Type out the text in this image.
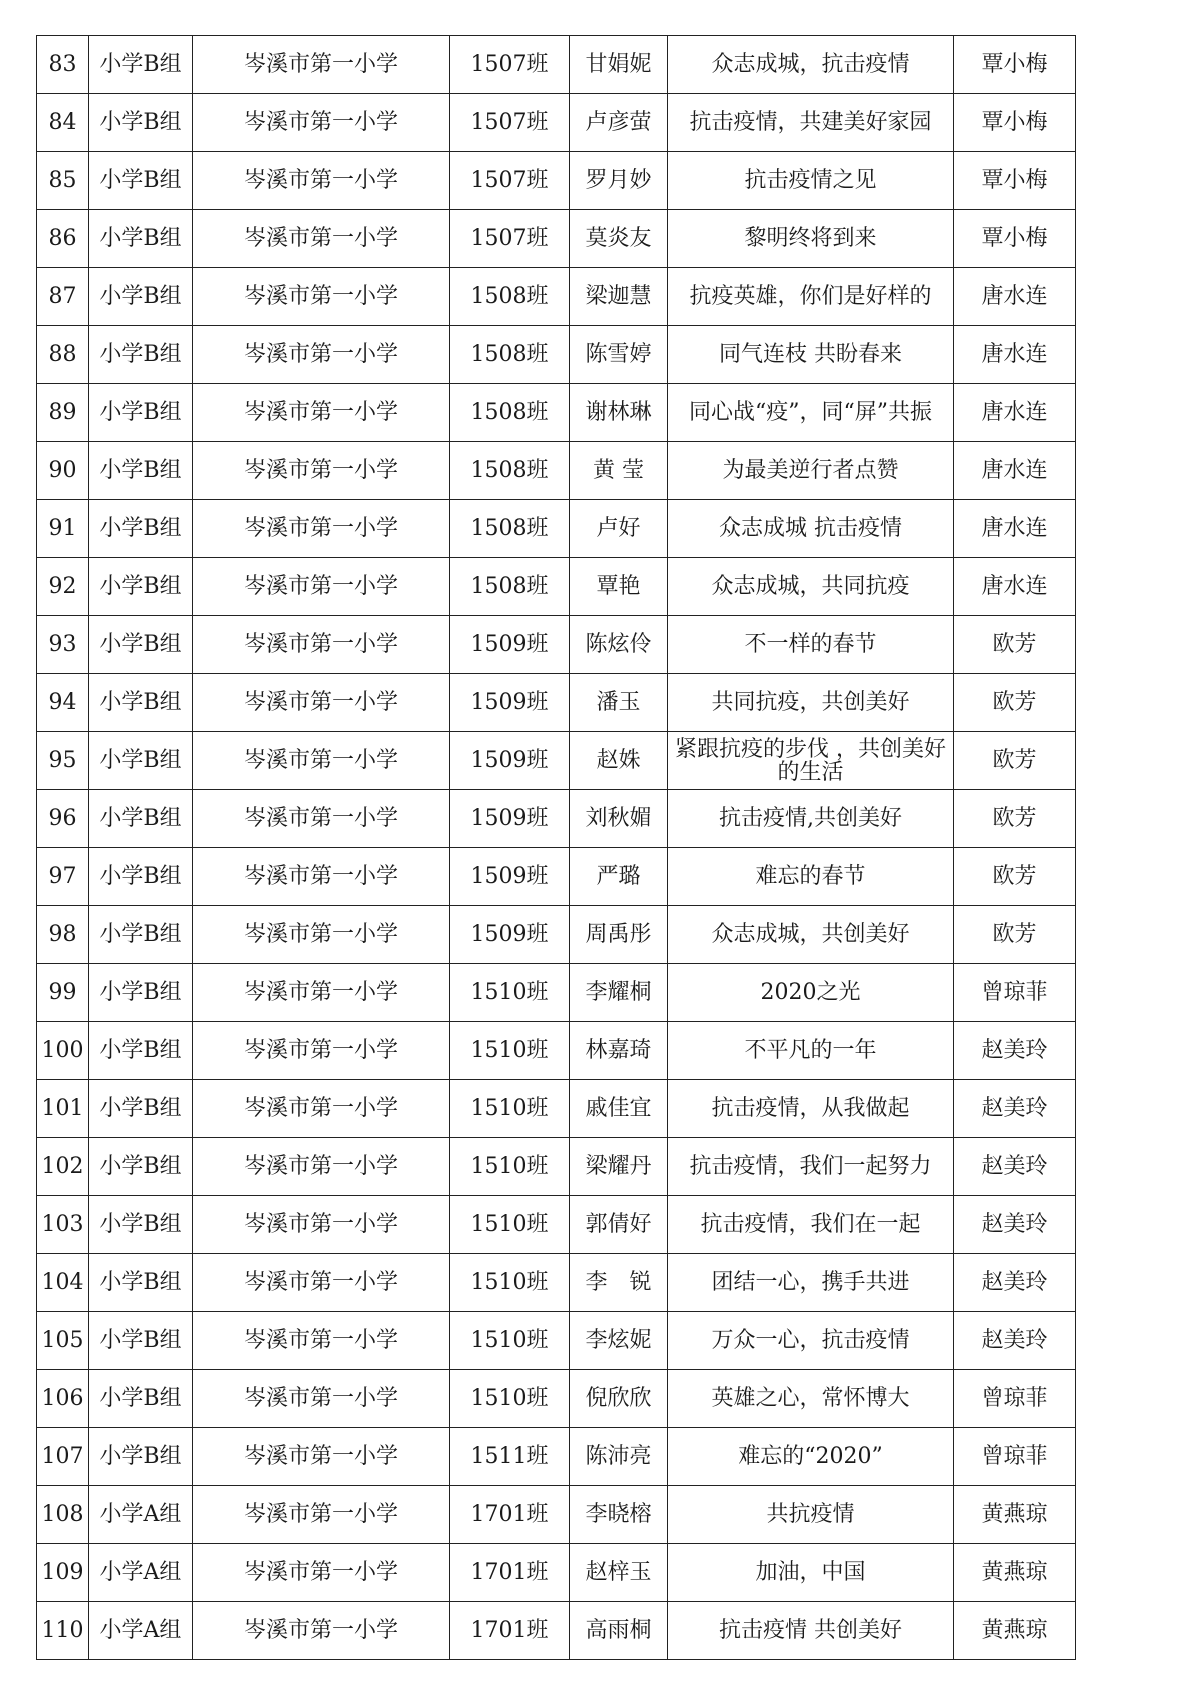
83	小学B组	岑溪市第一小学	1507班	甘娟妮	众志成城，抗击疫情	覃小梅
84	小学B组	岑溪市第一小学	1507班	卢彦萤	抗击疫情，共建美好家园	覃小梅
85	小学B组	岑溪市第一小学	1507班	罗月妙	抗击疫情之见	覃小梅
86	小学B组	岑溪市第一小学	1507班	莫炎友	黎明终将到来	覃小梅
87	小学B组	岑溪市第一小学	1508班	梁迦慧	抗疫英雄，你们是好样的	唐水连
88	小学B组	岑溪市第一小学	1508班	陈雪婷	同气连枝 共盼春来	唐水连
89	小学B组	岑溪市第一小学	1508班	谢林琳	同心战“疫”，同“屏”共振	唐水连
90	小学B组	岑溪市第一小学	1508班	黄 莹	为最美逆行者点赞	唐水连
91	小学B组	岑溪市第一小学	1508班	卢好	众志成城 抗击疫情	唐水连
92	小学B组	岑溪市第一小学	1508班	覃艳	众志成城，共同抗疫	唐水连
93	小学B组	岑溪市第一小学	1509班	陈炫伶	不一样的春节	欧芳
94	小学B组	岑溪市第一小学	1509班	潘玉	共同抗疫，共创美好	欧芳
95	小学B组	岑溪市第一小学	1509班	赵姝	紧跟抗疫的步伐 ，共创美好的生活	欧芳
96	小学B组	岑溪市第一小学	1509班	刘秋媚	抗击疫情,共创美好	欧芳
97	小学B组	岑溪市第一小学	1509班	严璐	难忘的春节	欧芳
98	小学B组	岑溪市第一小学	1509班	周禹彤	众志成城，共创美好	欧芳
99	小学B组	岑溪市第一小学	1510班	李耀桐	2020之光	曾琼菲
100	小学B组	岑溪市第一小学	1510班	林嘉琦	不平凡的一年	赵美玲
101	小学B组	岑溪市第一小学	1510班	戚佳宜	抗击疫情，从我做起	赵美玲
102	小学B组	岑溪市第一小学	1510班	梁耀丹	抗击疫情，我们一起努力	赵美玲
103	小学B组	岑溪市第一小学	1510班	郭倩好	抗击疫情，我们在一起	赵美玲
104	小学B组	岑溪市第一小学	1510班	李　锐	团结一心，携手共进	赵美玲
105	小学B组	岑溪市第一小学	1510班	李炫妮	万众一心，抗击疫情	赵美玲
106	小学B组	岑溪市第一小学	1510班	倪欣欣	英雄之心，常怀博大	曾琼菲
107	小学B组	岑溪市第一小学	1511班	陈沛亮	难忘的“2020”	曾琼菲
108	小学A组	岑溪市第一小学	1701班	李晓榕	共抗疫情	黄燕琼
109	小学A组	岑溪市第一小学	1701班	赵梓玉	加油，中国	黄燕琼
110	小学A组	岑溪市第一小学	1701班	高雨桐	抗击疫情 共创美好	黄燕琼
